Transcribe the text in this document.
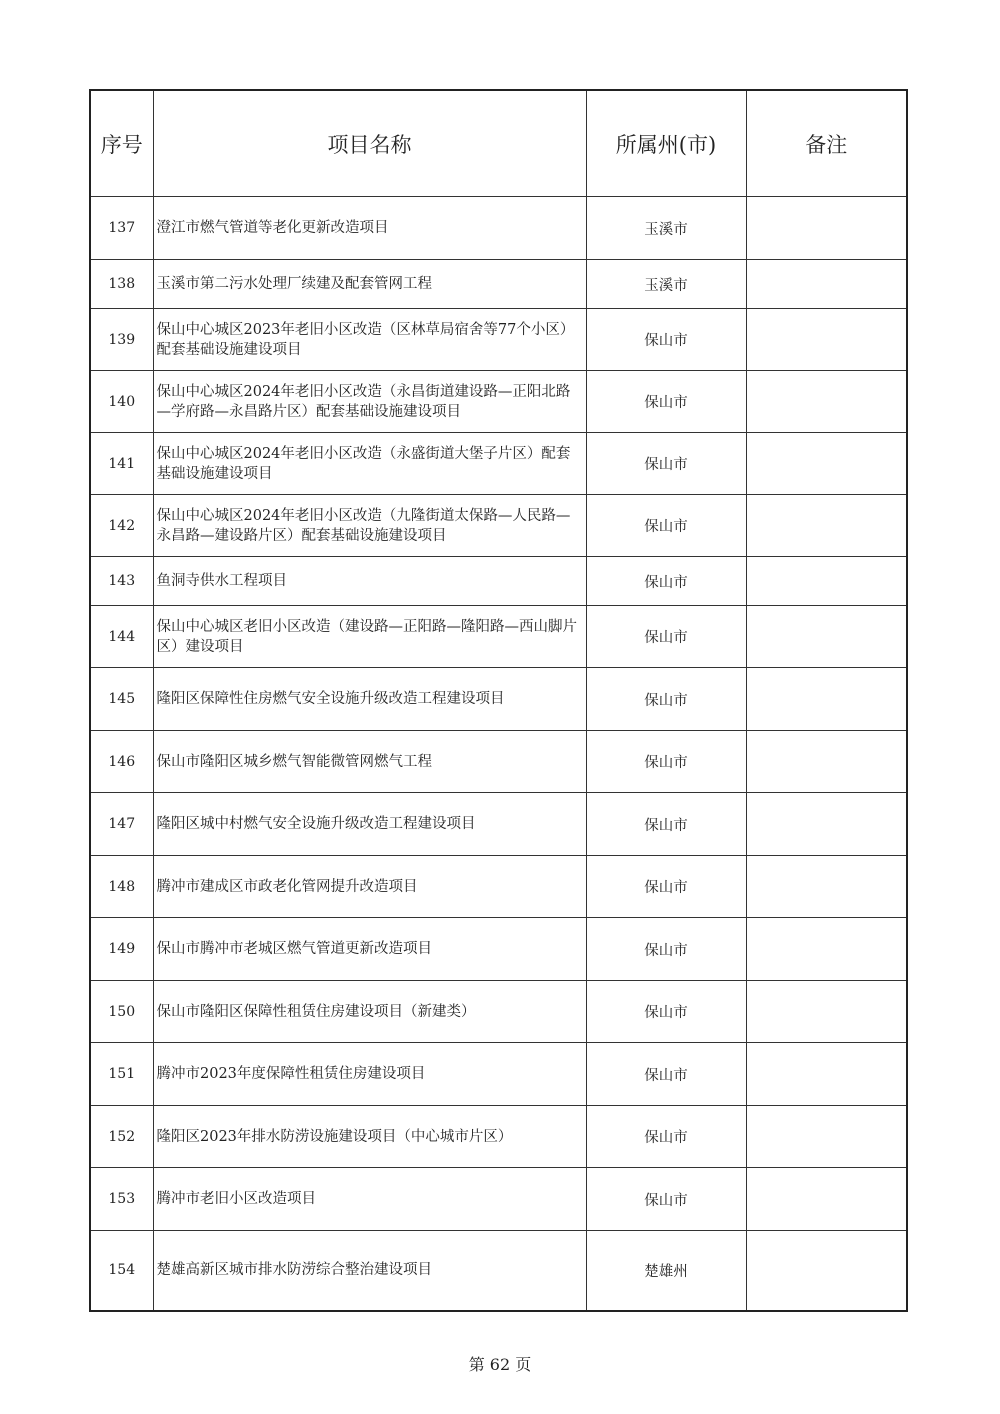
序号	项目名称	所属州(市)	备注
137	澄江市燃气管道等老化更新改造项目	玉溪市	
138	玉溪市第二污水处理厂续建及配套管网工程	玉溪市	
139	保山中心城区2023年老旧小区改造（区林草局宿舍等77个小区）配套基础设施建设项目	保山市	
140	保山中心城区2024年老旧小区改造（永昌街道建设路—正阳北路—学府路—永昌路片区）配套基础设施建设项目	保山市	
141	保山中心城区2024年老旧小区改造（永盛街道大堡子片区）配套基础设施建设项目	保山市	
142	保山中心城区2024年老旧小区改造（九隆街道太保路—人民路—永昌路—建设路片区）配套基础设施建设项目	保山市	
143	鱼洞寺供水工程项目	保山市	
144	保山中心城区老旧小区改造（建设路—正阳路—隆阳路—西山脚片区）建设项目	保山市	
145	隆阳区保障性住房燃气安全设施升级改造工程建设项目	保山市	
146	保山市隆阳区城乡燃气智能微管网燃气工程	保山市	
147	隆阳区城中村燃气安全设施升级改造工程建设项目	保山市	
148	腾冲市建成区市政老化管网提升改造项目	保山市	
149	保山市腾冲市老城区燃气管道更新改造项目	保山市	
150	保山市隆阳区保障性租赁住房建设项目（新建类）	保山市	
151	腾冲市2023年度保障性租赁住房建设项目	保山市	
152	隆阳区2023年排水防涝设施建设项目（中心城市片区）	保山市	
153	腾冲市老旧小区改造项目	保山市	
154	楚雄高新区城市排水防涝综合整治建设项目	楚雄州	
第 62 页
